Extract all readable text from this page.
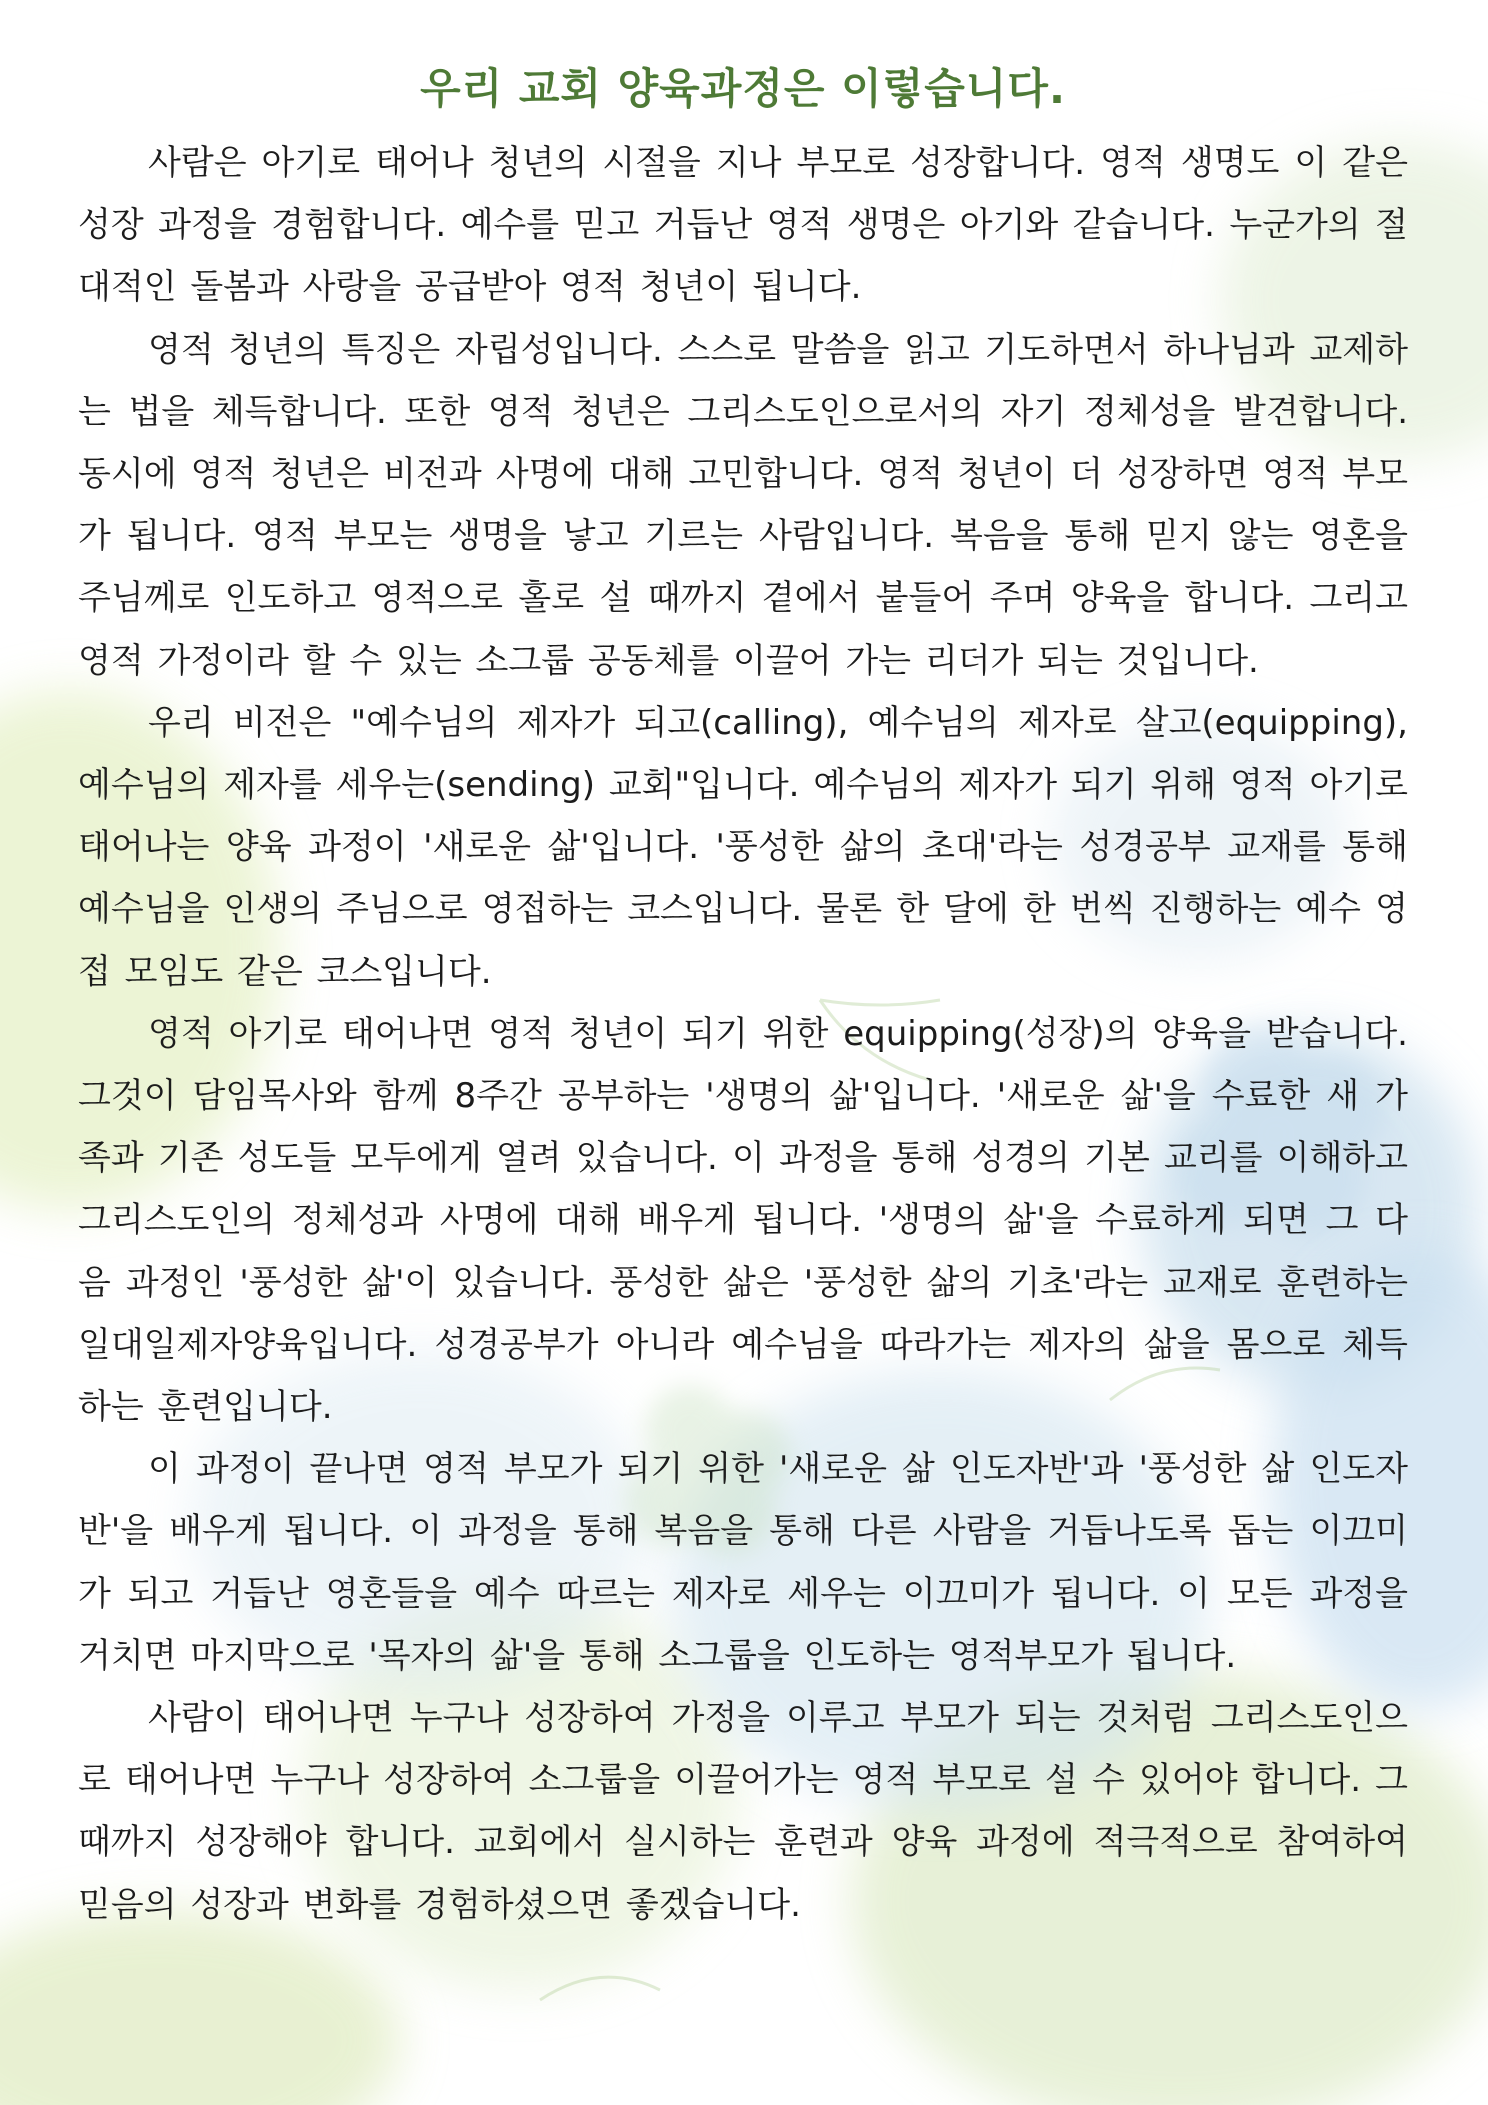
우리 교회 양육과정은 이렇습니다.

사람은 아기로 태어나 청년의 시절을 지나 부모로 성장합니다. 영적 생명도 이 같은 성장 과정을 경험합니다. 예수를 믿고 거듭난 영적 생명은 아기와 같습니다. 누군가의 절대적인 돌봄과 사랑을 공급받아 영적 청년이 됩니다.

영적 청년의 특징은 자립성입니다. 스스로 말씀을 읽고 기도하면서 하나님과 교제하는 법을 체득합니다. 또한 영적 청년은 그리스도인으로서의 자기 정체성을 발견합니다. 동시에 영적 청년은 비전과 사명에 대해 고민합니다. 영적 청년이 더 성장하면 영적 부모가 됩니다. 영적 부모는 생명을 낳고 기르는 사람입니다. 복음을 통해 믿지 않는 영혼을 주님께로 인도하고 영적으로 홀로 설 때까지 곁에서 붙들어 주며 양육을 합니다. 그리고 영적 가정이라 할 수 있는 소그룹 공동체를 이끌어 가는 리더가 되는 것입니다.

우리 비전은 "예수님의 제자가 되고(calling), 예수님의 제자로 살고(equipping), 예수님의 제자를 세우는(sending) 교회"입니다. 예수님의 제자가 되기 위해 영적 아기로 태어나는 양육 과정이 '새로운 삶'입니다. '풍성한 삶의 초대'라는 성경공부 교재를 통해 예수님을 인생의 주님으로 영접하는 코스입니다. 물론 한 달에 한 번씩 진행하는 예수 영접 모임도 같은 코스입니다.

영적 아기로 태어나면 영적 청년이 되기 위한 equipping(성장)의 양육을 받습니다. 그것이 담임목사와 함께 8주간 공부하는 '생명의 삶'입니다. '새로운 삶'을 수료한 새 가족과 기존 성도들 모두에게 열려 있습니다. 이 과정을 통해 성경의 기본 교리를 이해하고 그리스도인의 정체성과 사명에 대해 배우게 됩니다. '생명의 삶'을 수료하게 되면 그 다음 과정인 '풍성한 삶'이 있습니다. 풍성한 삶은 '풍성한 삶의 기초'라는 교재로 훈련하는 일대일제자양육입니다. 성경공부가 아니라 예수님을 따라가는 제자의 삶을 몸으로 체득하는 훈련입니다.

이 과정이 끝나면 영적 부모가 되기 위한 '새로운 삶 인도자반'과 '풍성한 삶 인도자반'을 배우게 됩니다. 이 과정을 통해 복음을 통해 다른 사람을 거듭나도록 돕는 이끄미가 되고 거듭난 영혼들을 예수 따르는 제자로 세우는 이끄미가 됩니다. 이 모든 과정을 거치면 마지막으로 '목자의 삶'을 통해 소그룹을 인도하는 영적부모가 됩니다.

사람이 태어나면 누구나 성장하여 가정을 이루고 부모가 되는 것처럼 그리스도인으로 태어나면 누구나 성장하여 소그룹을 이끌어가는 영적 부모로 설 수 있어야 합니다. 그때까지 성장해야 합니다. 교회에서 실시하는 훈련과 양육 과정에 적극적으로 참여하여 믿음의 성장과 변화를 경험하셨으면 좋겠습니다.
